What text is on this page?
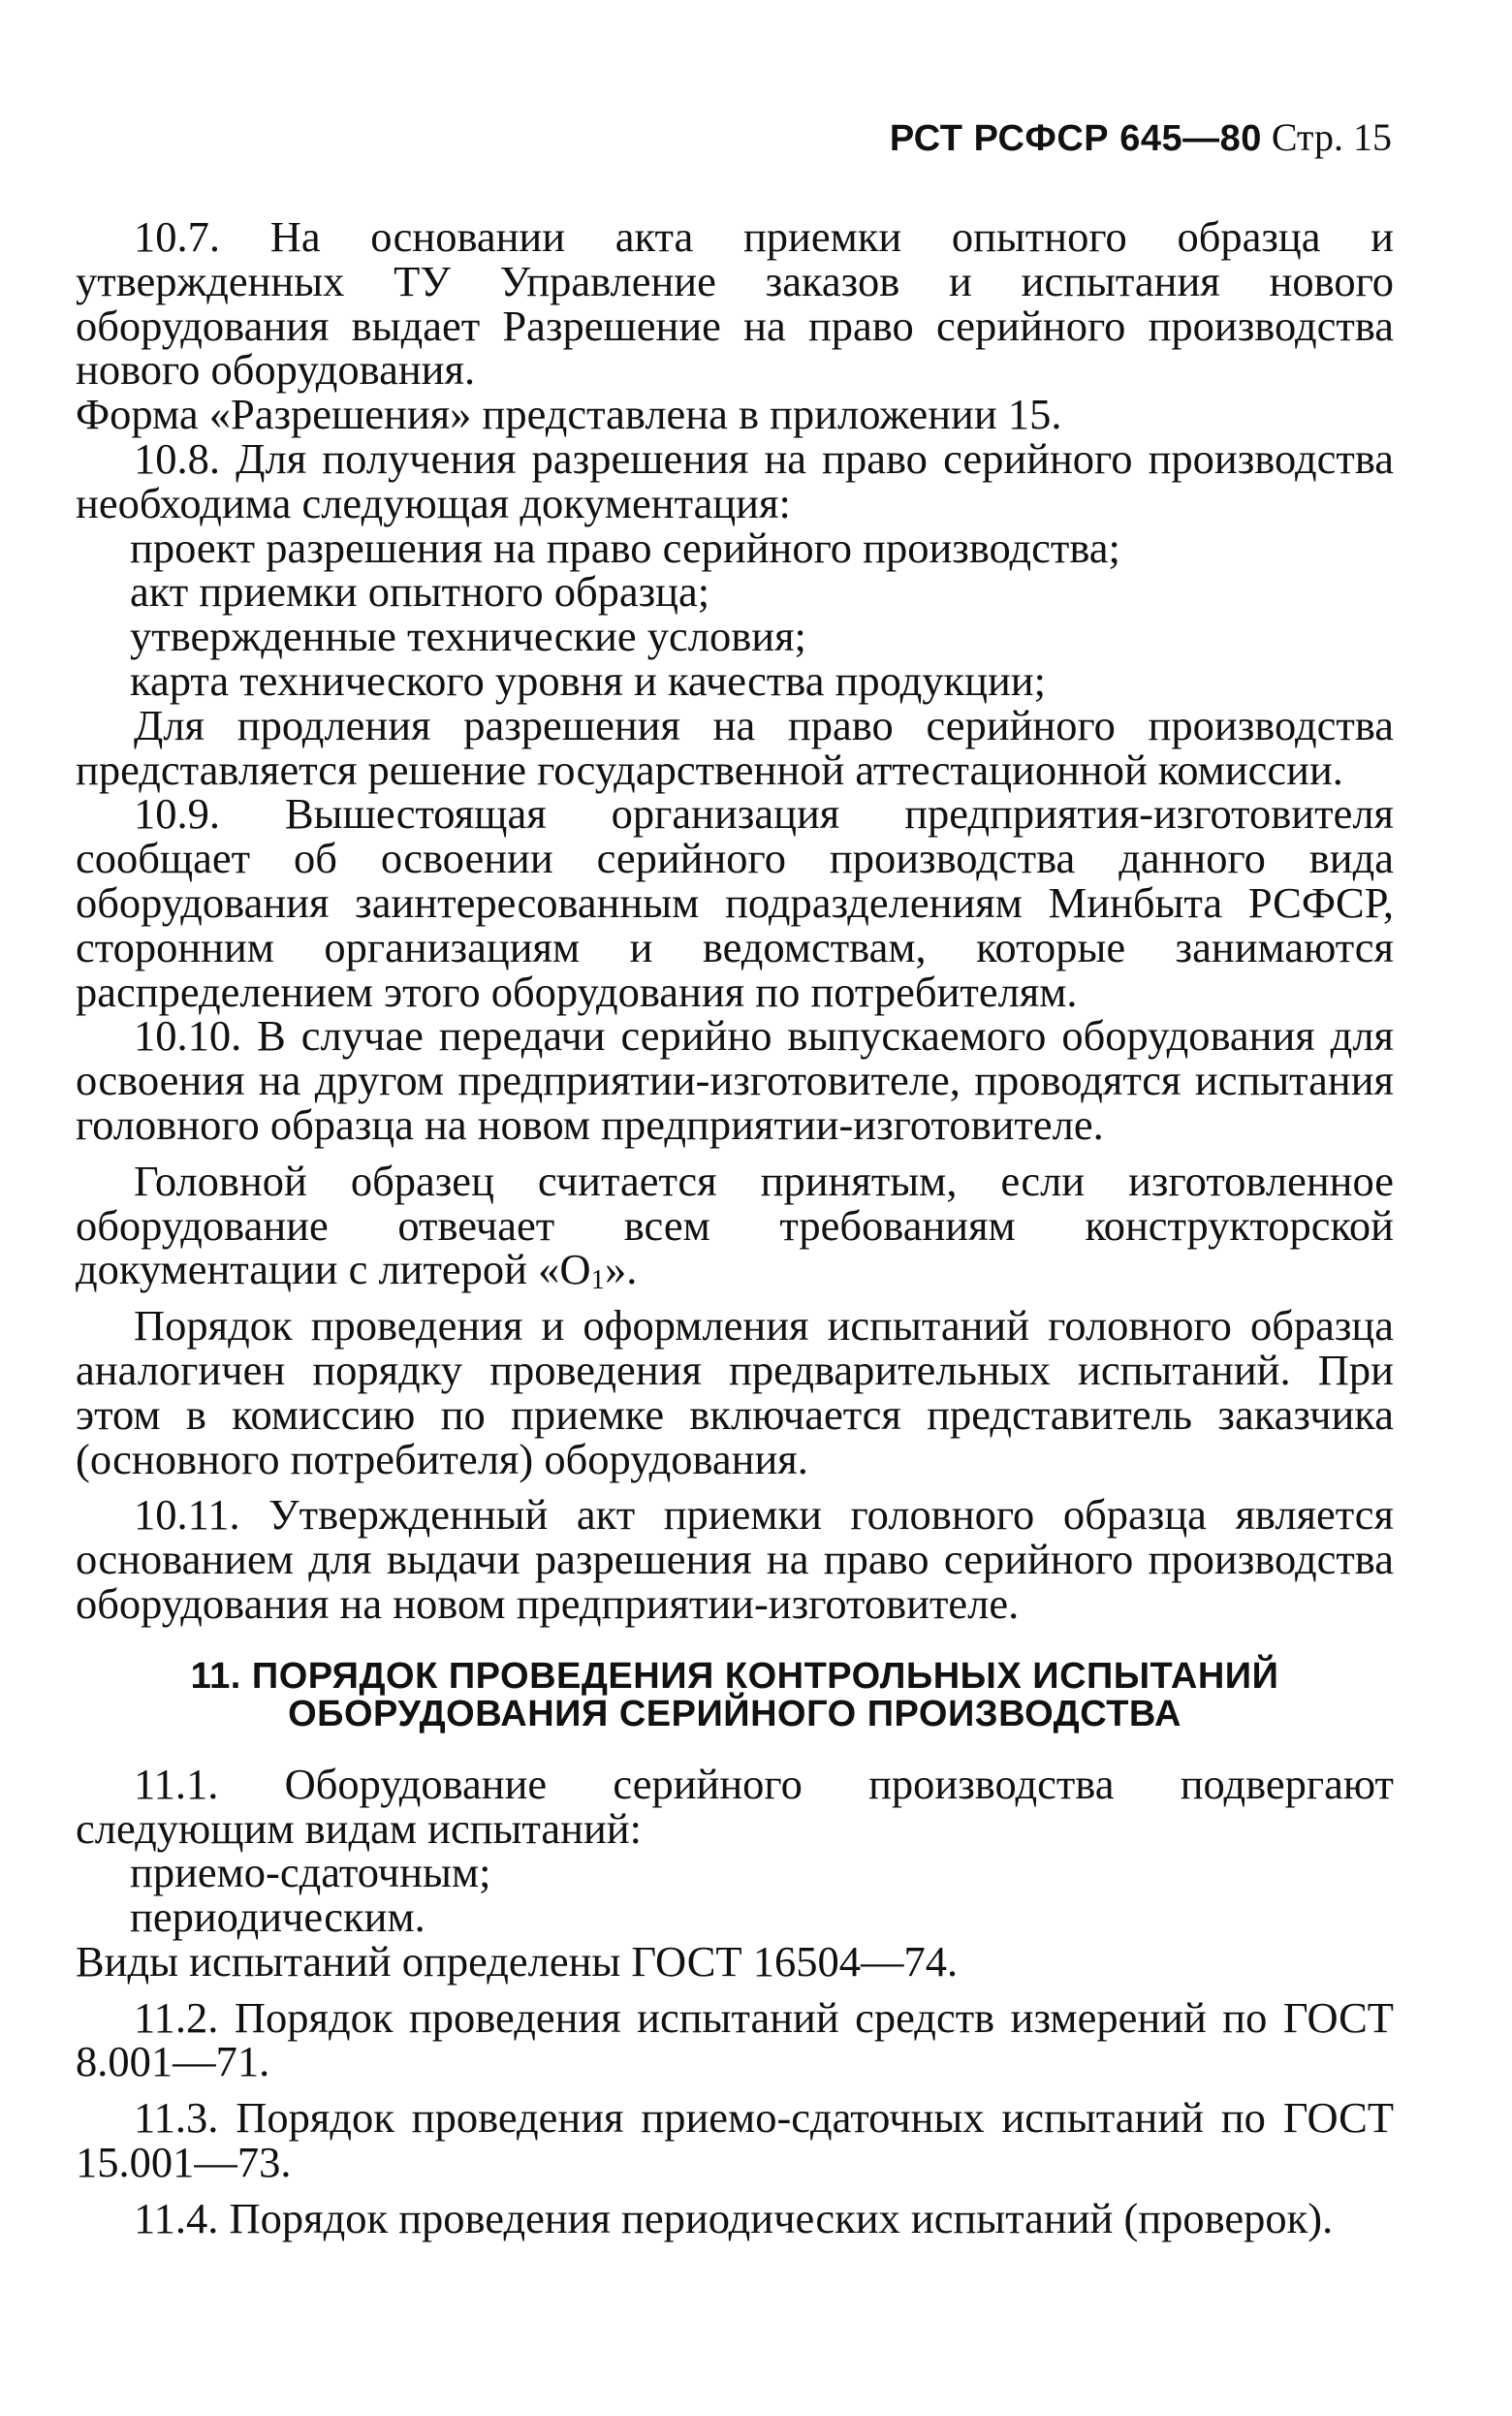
РСТ РСФСР 645—80 Стр. 15

10.7. На основании акта приемки опытного образца и утвержденных ТУ Управление заказов и испытания нового оборудования выдает Разрешение на право серийного производства нового оборудования.

Форма «Разрешения» представлена в приложении 15.

10.8. Для получения разрешения на право серийного производства необходима следующая документация:

проект разрешения на право серийного производства;

акт приемки опытного образца;

утвержденные технические условия;

карта технического уровня и качества продукции;

Для продления разрешения на право серийного производства представляется решение государственной аттестационной комиссии.

10.9. Вышестоящая организация предприятия-изготовителя сообщает об освоении серийного производства данного вида оборудования заинтересованным подразделениям Минбыта РСФСР, сторонним организациям и ведомствам, которые занимаются распределением этого оборудования по потребителям.

10.10. В случае передачи серийно выпускаемого оборудования для освоения на другом предприятии-изготовителе, проводятся испытания головного образца на новом предприятии-изготовителе.

Головной образец считается принятым, если изготовленное оборудование отвечает всем требованиям конструкторской документации с литерой «$О_1$».

Порядок проведения и оформления испытаний головного образца аналогичен порядку проведения предварительных испытаний. При этом в комиссию по приемке включается представитель заказчика (основного потребителя) оборудования.

10.11. Утвержденный акт приемки головного образца является основанием для выдачи разрешения на право серийного производства оборудования на новом предприятии-изготовителе.

11. ПОРЯДОК ПРОВЕДЕНИЯ КОНТРОЛЬНЫХ ИСПЫТАНИЙ
ОБОРУДОВАНИЯ СЕРИЙНОГО ПРОИЗВОДСТВА

11.1. Оборудование серийного производства подвергают следующим видам испытаний:

приемо-сдаточным;

периодическим.

Виды испытаний определены ГОСТ 16504—74.

11.2. Порядок проведения испытаний средств измерений по ГОСТ 8.001—71.

11.3. Порядок проведения приемо-сдаточных испытаний по ГОСТ 15.001—73.

11.4. Порядок проведения периодических испытаний (проверок).
